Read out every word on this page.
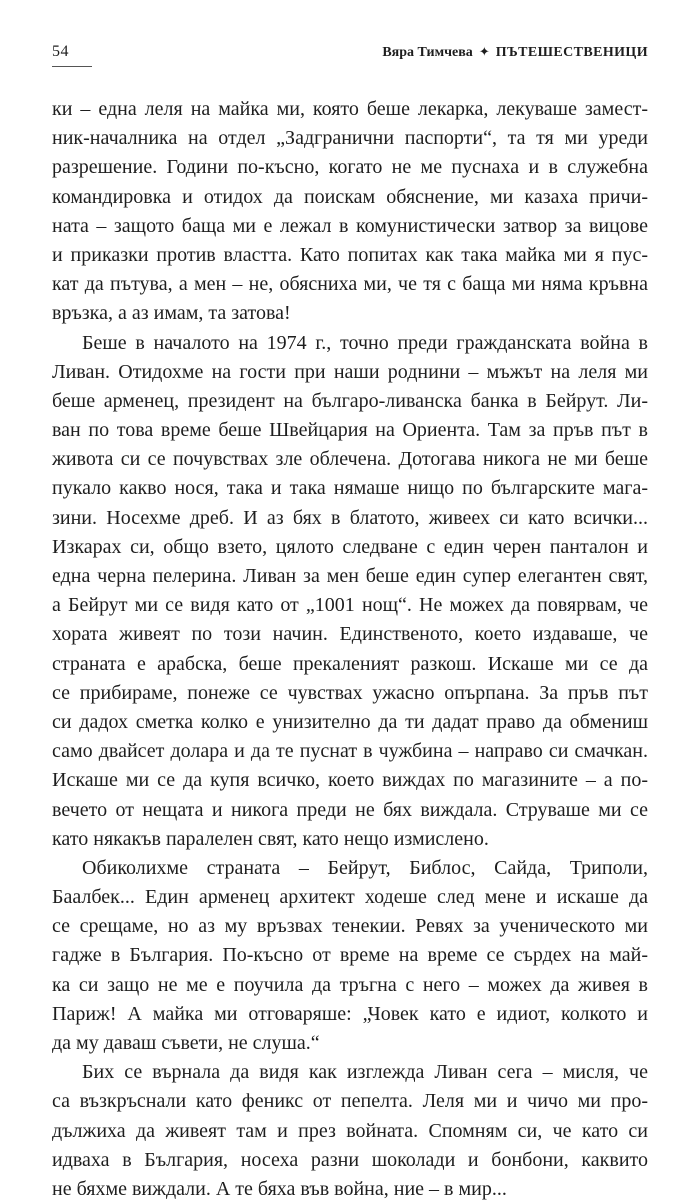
54	Вяра Тимчева ✦ ПЪТЕШЕСТВЕНИЦИ
ки – една леля на майка ми, която беше лекарка, лекуваше замест-
ник-началника на отдел „Задгранични паспорти“, та тя ми уреди
разрешение. Години по-късно, когато не ме пуснаха и в служебна
командировка и отидох да поискам обяснение, ми казаха причи-
ната – защото баща ми е лежал в комунистически затвор за вицове
и приказки против властта. Като попитах как така майка ми я пус-
кат да пътува, а мен – не, обясниха ми, че тя с баща ми няма кръвна
връзка, а аз имам, та затова!
Беше в началото на 1974 г., точно преди гражданската война в
Ливан. Отидохме на гости при наши роднини – мъжът на леля ми
беше арменец, президент на българо-ливанска банка в Бейрут. Ли-
ван по това време беше Швейцария на Ориента. Там за пръв път в
живота си се почувствах зле облечена. Дотогава никога не ми беше
пукало какво нося, така и така нямаше нищо по българските мага-
зини. Носехме дреб. И аз бях в блатото, живеех си като всички...
Изкарах си, общо взето, цялото следване с един черен панталон и
една черна пелерина. Ливан за мен беше един супер елегантен свят,
а Бейрут ми се видя като от „1001 нощ“. Не можех да повярвам, че
хората живеят по този начин. Единственото, което издаваше, че
страната е арабска, беше прекаленият разкош. Искаше ми се да
се прибираме, понеже се чувствах ужасно опърпана. За пръв път
си дадох сметка колко е унизително да ти дадат право да обмениш
само двайсет долара и да те пуснат в чужбина – направо си смачкан.
Искаше ми се да купя всичко, което виждах по магазините – а по-
вечето от нещата и никога преди не бях виждала. Струваше ми се
като някакъв паралелен свят, като нещо измислено.
Обиколихме страната – Бейрут, Библос, Сайда, Триполи,
Баалбек... Един арменец архитект ходеше след мене и искаше да
се срещаме, но аз му връзвах тенекии. Ревях за ученическото ми
гадже в България. По-късно от време на време се сърдех на май-
ка си защо не ме е поучила да тръгна с него – можех да живея в
Париж! А майка ми отговаряше: „Човек като е идиот, колкото и
да му даваш съвети, не слуша.“
Бих се върнала да видя как изглежда Ливан сега – мисля, че
са възкръснали като феникс от пепелта. Леля ми и чичо ми про-
дължиха да живеят там и през войната. Спомням си, че като си
идваха в България, носеха разни шоколади и бонбони, каквито
не бяхме виждали. А те бяха във война, ние – в мир...
